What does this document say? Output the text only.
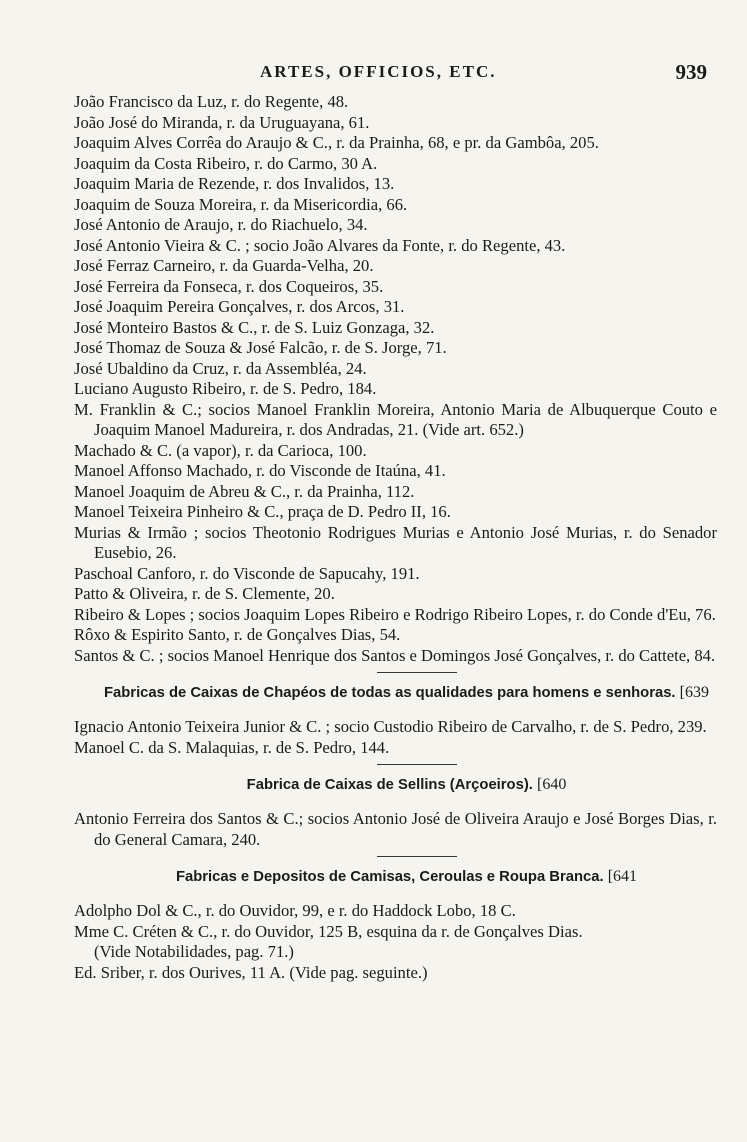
ARTES, OFFICIOS, ETC.	939
João Francisco da Luz, r. do Regente, 48.
João José do Miranda, r. da Uruguayana, 61.
Joaquim Alves Corrêa do Araujo & C., r. da Prainha, 68, e pr. da Gambôa, 205.
Joaquim da Costa Ribeiro, r. do Carmo, 30 A.
Joaquim Maria de Rezende, r. dos Invalidos, 13.
Joaquim de Souza Moreira, r. da Misericordia, 66.
José Antonio de Araujo, r. do Riachuelo, 34.
José Antonio Vieira & C. ; socio João Alvares da Fonte, r. do Regente, 43.
José Ferraz Carneiro, r. da Guarda-Velha, 20.
José Ferreira da Fonseca, r. dos Coqueiros, 35.
José Joaquim Pereira Gonçalves, r. dos Arcos, 31.
José Monteiro Bastos & C., r. de S. Luiz Gonzaga, 32.
José Thomaz de Souza & José Falcão, r. de S. Jorge, 71.
José Ubaldino da Cruz, r. da Assembléa, 24.
Luciano Augusto Ribeiro, r. de S. Pedro, 184.
M. Franklin & C.; socios Manoel Franklin Moreira, Antonio Maria de Albuquerque Couto e Joaquim Manoel Madureira, r. dos Andradas, 21. (Vide art. 652.)
Machado & C. (a vapor), r. da Carioca, 100.
Manoel Affonso Machado, r. do Visconde de Itaúna, 41.
Manoel Joaquim de Abreu & C., r. da Prainha, 112.
Manoel Teixeira Pinheiro & C., praça de D. Pedro II, 16.
Murias & Irmão ; socios Theotonio Rodrigues Murias e Antonio José Murias, r. do Senador Eusebio, 26.
Paschoal Canforo, r. do Visconde de Sapucahy, 191.
Patto & Oliveira, r. de S. Clemente, 20.
Ribeiro & Lopes ; socios Joaquim Lopes Ribeiro e Rodrigo Ribeiro Lopes, r. do Conde d'Eu, 76.
Rôxo & Espirito Santo, r. de Gonçalves Dias, 54.
Santos & C. ; socios Manoel Henrique dos Santos e Domingos José Gonçalves, r. do Cattete, 84.
Fabricas de Caixas de Chapéos de todas as qualidades para homens e senhoras. [639
Ignacio Antonio Teixeira Junior & C. ; socio Custodio Ribeiro de Carvalho, r. de S. Pedro, 239.
Manoel C. da S. Malaquias, r. de S. Pedro, 144.
Fabrica de Caixas de Sellins (Arçoeiros). [640
Antonio Ferreira dos Santos & C.; socios Antonio José de Oliveira Araujo e José Borges Dias, r. do General Camara, 240.
Fabricas e Depositos de Camisas, Ceroulas e Roupa Branca. [641
Adolpho Dol & C., r. do Ouvidor, 99, e r. do Haddock Lobo, 18 C.
Mme C. Créten & C., r. do Ouvidor, 125 B, esquina da r. de Gonçalves Dias.
(Vide Notabilidades, pag. 71.)
Ed. Sriber, r. dos Ourives, 11 A. (Vide pag. seguinte.)
